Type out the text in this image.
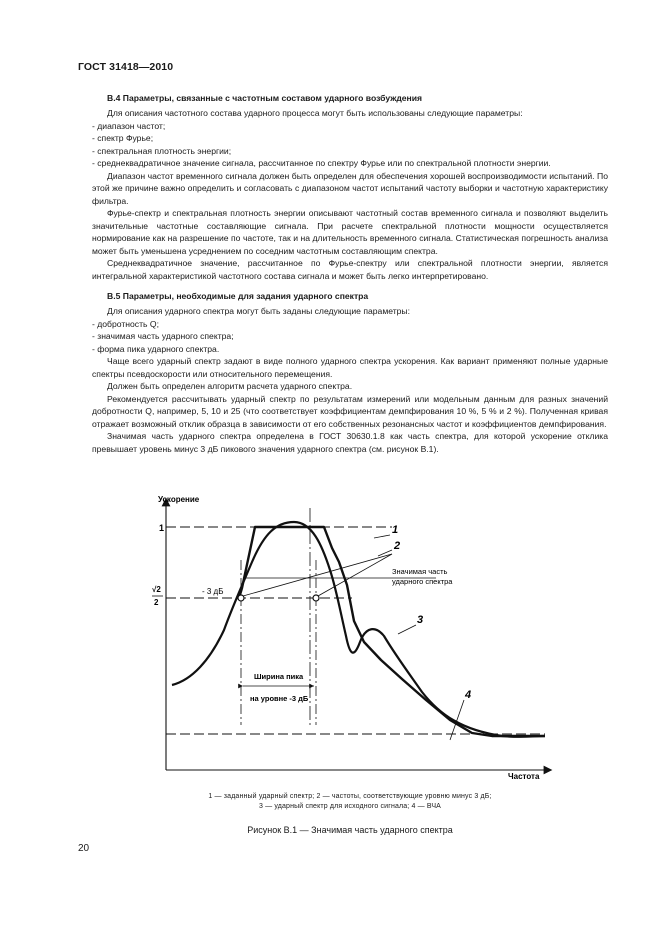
ГОСТ 31418—2010
В.4 Параметры, связанные с частотным составом ударного возбуждения

Для описания частотного состава ударного процесса могут быть использованы следующие параметры:

- диапазон частот;
- спектр Фурье;
- спектральная плотность энергии;
- среднеквадратичное значение сигнала, рассчитанное по спектру Фурье или по спектральной плотности энергии.

Диапазон частот временного сигнала должен быть определен для обеспечения хорошей воспроизводимости испытаний. По этой же причине важно определить и согласовать с диапазоном частот испытаний частоту выборки и частотную характеристику фильтра.

Фурье-спектр и спектральная плотность энергии описывают частотный состав временного сигнала и позволяют выделить значительные частотные составляющие сигнала. При расчете спектральной плотности мощности осуществляется нормирование как на разрешение по частоте, так и на длительность временного сигнала. Статистическая погрешность анализа может быть уменьшена усреднением по соседним частотным составляющим спектра.

Среднеквадратичное значение, рассчитанное по Фурье-спектру или спектральной плотности энергии, является интегральной характеристикой частотного состава сигнала и может быть легко интерпретировано.

В.5 Параметры, необходимые для задания ударного спектра

Для описания ударного спектра могут быть заданы следующие параметры:

- добротность Q;
- значимая часть ударного спектра;
- форма пика ударного спектра.

Чаще всего ударный спектр задают в виде полного ударного спектра ускорения. Как вариант применяют полные ударные спектры псевдоскорости или относительного перемещения.

Должен быть определен алгоритм расчета ударного спектра.

Рекомендуется рассчитывать ударный спектр по результатам измерений или модельным данным для разных значений добротности Q, например, 5, 10 и 25 (что соответствует коэффициентам демпфирования 10 %, 5 % и 2 %). Полученная кривая отражает возможный отклик образца в зависимости от его собственных резонансных частот и коэффициентов демпфирования.

Значимая часть ударного спектра определена в ГОСТ 30630.1.8 как часть спектра, для которой ускорение отклика превышает уровень минус 3 дБ пикового значения ударного спектра (см. рисунок В.1).

Ускорение
Частота
1
√2
2
- 3 дБ
Значимая часть
ударного спектра
Ширина пика
на уровне -3 дБ
1
2
3
4
1 — заданный ударный спектр; 2 — частоты, соответствующие уровню минус 3 дБ;
3 — ударный спектр для исходного сигнала; 4 — ВЧА
Рисунок В.1 — Значимая часть ударного спектра
20
